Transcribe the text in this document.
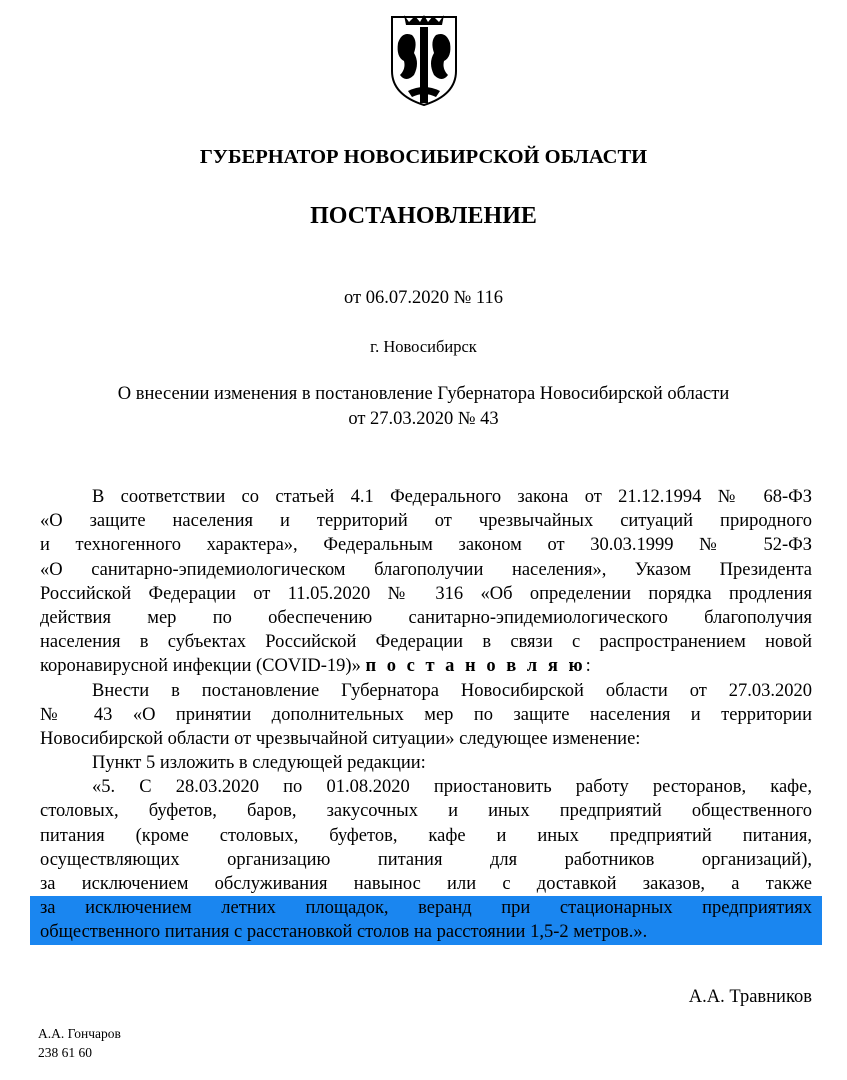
ГУБЕРНАТОР НОВОСИБИРСКОЙ ОБЛАСТИ
ПОСТАНОВЛЕНИЕ
от 06.07.2020 № 116
г. Новосибирск
О внесении изменения в постановление Губернатора Новосибирской области
от 27.03.2020 № 43
В соответствии со статьей 4.1 Федерального закона от 21.12.1994 № 68-ФЗ
«О защите населения и территорий от чрезвычайных ситуаций природного
и техногенного характера», Федеральным законом от 30.03.1999 № 52-ФЗ
«О санитарно-эпидемиологическом благополучии населения», Указом Президента
Российской Федерации от 11.05.2020 № 316 «Об определении порядка продления
действия мер по обеспечению санитарно-эпидемиологического благополучия
населения в субъектах Российской Федерации в связи с распространением новой
коронавирусной инфекции (COVID-19)» п о с т а н о в л я ю:
Внести в постановление Губернатора Новосибирской области от 27.03.2020
№ 43 «О принятии дополнительных мер по защите населения и территории
Новосибирской области от чрезвычайной ситуации» следующее изменение:
Пункт 5 изложить в следующей редакции:
«5. С 28.03.2020 по 01.08.2020 приостановить работу ресторанов, кафе,
столовых, буфетов, баров, закусочных и иных предприятий общественного
питания (кроме столовых, буфетов, кафе и иных предприятий питания,
осуществляющих организацию питания для работников организаций),
за исключением обслуживания навынос или с доставкой заказов, а также
за исключением летних площадок, веранд при стационарных предприятиях
общественного питания с расстановкой столов на расстоянии 1,5-2 метров.».
А.А. Травников
А.А. Гончаров
238 61 60
